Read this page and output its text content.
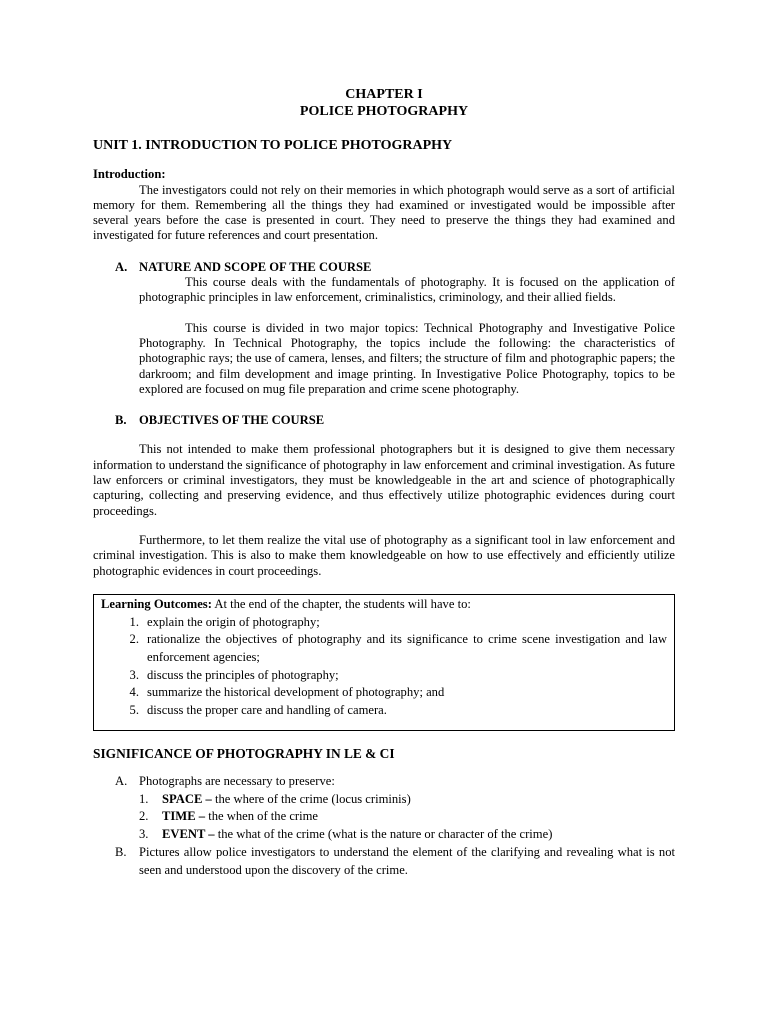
CHAPTER I
POLICE PHOTOGRAPHY
UNIT 1. INTRODUCTION TO POLICE PHOTOGRAPHY
Introduction:

The investigators could not rely on their memories in which photograph would serve as a sort of artificial memory for them. Remembering all the things they had examined or investigated would be impossible after several years before the case is presented in court. They need to preserve the things they had examined and investigated for future references and court presentation.

A. NATURE AND SCOPE OF THE COURSE

This course deals with the fundamentals of photography. It is focused on the application of photographic principles in law enforcement, criminalistics, criminology, and their allied fields.

This course is divided in two major topics: Technical Photography and Investigative Police Photography. In Technical Photography, the topics include the following: the characteristics of photographic rays; the use of camera, lenses, and filters; the structure of film and photographic papers; the darkroom; and film development and image printing. In Investigative Police Photography, topics to be explored are focused on mug file preparation and crime scene photography.

B. OBJECTIVES OF THE COURSE

This not intended to make them professional photographers but it is designed to give them necessary information to understand the significance of photography in law enforcement and criminal investigation. As future law enforcers or criminal investigators, they must be knowledgeable in the art and science of photographically capturing, collecting and preserving evidence, and thus effectively utilize photographic evidences during court proceedings.

Furthermore, to let them realize the vital use of photography as a significant tool in law enforcement and criminal investigation. This is also to make them knowledgeable on how to use effectively and efficiently utilize photographic evidences in court proceedings.

Learning Outcomes: At the end of the chapter, the students will have to:
1. explain the origin of photography;
2. rationalize the objectives of photography and its significance to crime scene investigation and law enforcement agencies;
3. discuss the principles of photography;
4. summarize the historical development of photography; and
5. discuss the proper care and handling of camera.
SIGNIFICANCE OF PHOTOGRAPHY IN LE & CI
A. Photographs are necessary to preserve:
1.	SPACE – the where of the crime (locus criminis)
2.	TIME – the when of the crime
3.	EVENT – the what of the crime (what is the nature or character of the crime)
B. Pictures allow police investigators to understand the element of the clarifying and revealing what is not seen and understood upon the discovery of the crime.
